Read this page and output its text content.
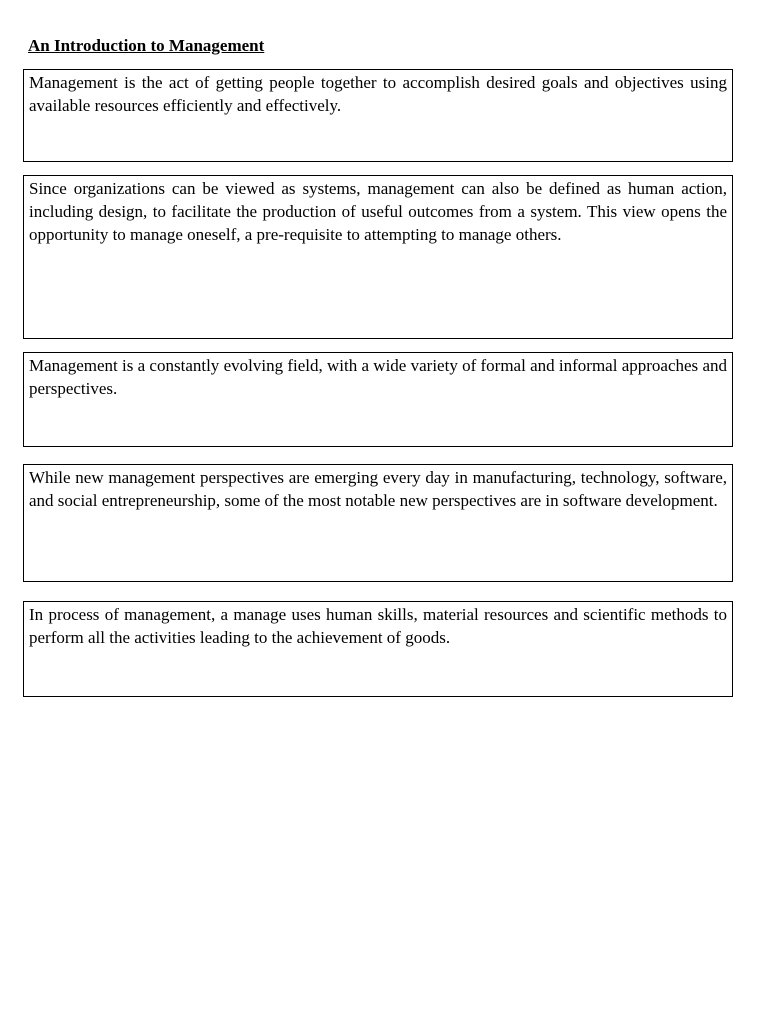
An Introduction to Management

Management is the act of getting people together to accomplish desired goals and objectives using available resources efficiently and effectively.

Since organizations can be viewed as systems, management can also be defined as human action, including design, to facilitate the production of useful outcomes from a system. This view opens the opportunity to manage oneself, a pre-requisite to attempting to manage others.

Management is a constantly evolving field, with a wide variety of formal and informal approaches and perspectives.

While new management perspectives are emerging every day in manufacturing, technology, software, and social entrepreneurship, some of the most notable new perspectives are in software development.

In process of management, a manage uses human skills, material resources and scientific methods to perform all the activities leading to the achievement of goods.
